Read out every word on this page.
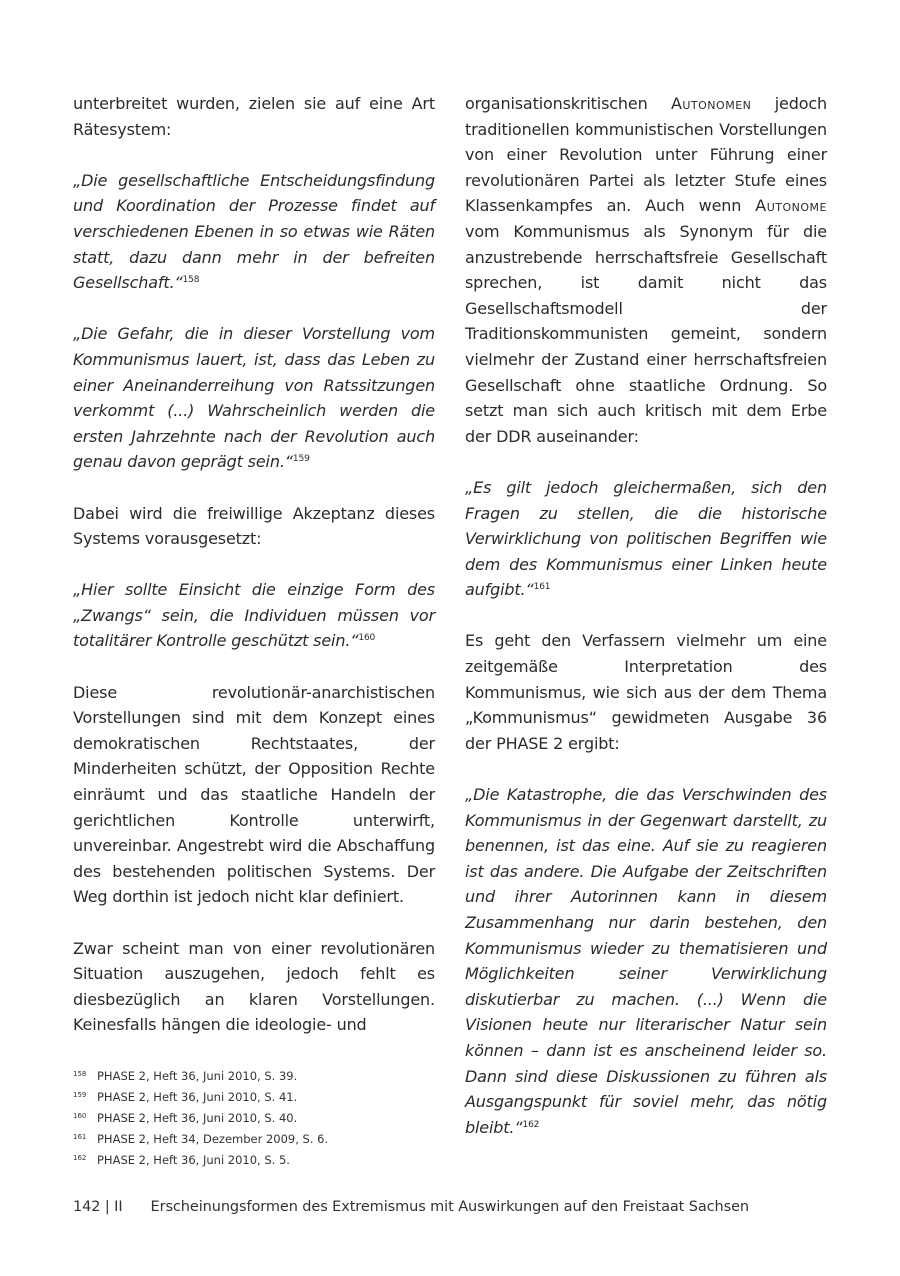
unterbreitet wurden, zielen sie auf eine Art Rätesystem:

„Die gesellschaftliche Entscheidungsfindung und Koordination der Prozesse findet auf verschiedenen Ebenen in so etwas wie Räten statt, dazu dann mehr in der befreiten Gesellschaft.“$^{158}$

„Die Gefahr, die in dieser Vorstellung vom Kommunismus lauert, ist, dass das Leben zu einer Aneinanderreihung von Ratssitzungen verkommt (...) Wahrscheinlich werden die ersten Jahrzehnte nach der Revolution auch genau davon geprägt sein.“$^{159}$

Dabei wird die freiwillige Akzeptanz dieses Systems vorausgesetzt:

„Hier sollte Einsicht die einzige Form des „Zwangs“ sein, die Individuen müssen vor totalitärer Kontrolle geschützt sein.“$^{160}$

Diese revolutionär-anarchistischen Vorstellungen sind mit dem Konzept eines demokratischen Rechtstaates, der Minderheiten schützt, der Opposition Rechte einräumt und das staatliche Handeln der gerichtlichen Kontrolle unterwirft, unvereinbar. Angestrebt wird die Abschaffung des bestehenden politischen Systems. Der Weg dorthin ist jedoch nicht klar definiert.

Zwar scheint man von einer revolutionären Situation auszugehen, jedoch fehlt es diesbezüglich an klaren Vorstellungen. Keinesfalls hängen die ideologie- und

organisationskritischen Autonomen jedoch traditionellen kommunistischen Vorstellungen von einer Revolution unter Führung einer revolutionären Partei als letzter Stufe eines Klassenkampfes an. Auch wenn Autonome vom Kommunismus als Synonym für die anzustrebende herrschaftsfreie Gesellschaft sprechen, ist damit nicht das Gesellschaftsmodell der Traditionskommunisten gemeint, sondern vielmehr der Zustand einer herrschaftsfreien Gesellschaft ohne staatliche Ordnung. So setzt man sich auch kritisch mit dem Erbe der DDR auseinander:

„Es gilt jedoch gleichermaßen, sich den Fragen zu stellen, die die historische Verwirklichung von politischen Begriffen wie dem des Kommunismus einer Linken heute aufgibt.“$^{161}$

Es geht den Verfassern vielmehr um eine zeitgemäße Interpretation des Kommunismus, wie sich aus der dem Thema „Kommunismus“ gewidmeten Ausgabe 36 der PHASE 2 ergibt:

„Die Katastrophe, die das Verschwinden des Kommunismus in der Gegenwart darstellt, zu benennen, ist das eine. Auf sie zu reagieren ist das andere. Die Aufgabe der Zeitschriften und ihrer Autorinnen kann in diesem Zusammenhang nur darin bestehen, den Kommunismus wieder zu thematisieren und Möglichkeiten seiner Verwirklichung diskutierbar zu machen. (...) Wenn die Visionen heute nur literarischer Natur sein können – dann ist es anscheinend leider so. Dann sind diese Diskussionen zu führen als Ausgangspunkt für soviel mehr, das nötig bleibt.“$^{162}$

158 PHASE 2, Heft 36, Juni 2010, S. 39.
159 PHASE 2, Heft 36, Juni 2010, S. 41.
160 PHASE 2, Heft 36, Juni 2010, S. 40.
161 PHASE 2, Heft 34, Dezember 2009, S. 6.
162 PHASE 2, Heft 36, Juni 2010, S. 5.
142 | II Erscheinungsformen des Extremismus mit Auswirkungen auf den Freistaat Sachsen
